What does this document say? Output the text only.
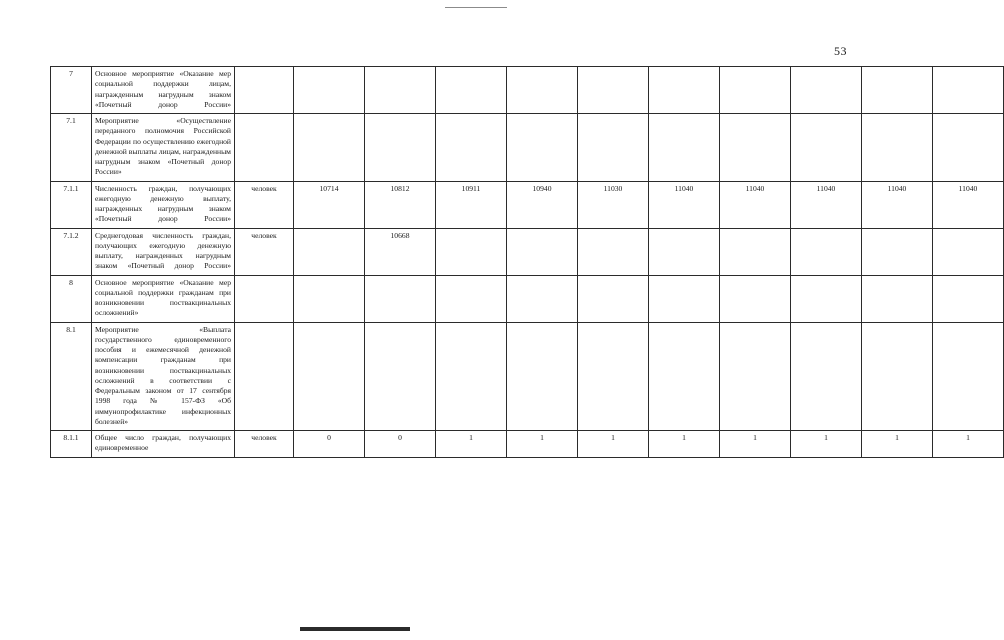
53
7	Основное мероприятие «Оказание мер социальной поддержки лицам, награжденным нагрудным знаком «Почетный донор России»											
7.1	Мероприятие «Осуществление переданного полномочия Российской Федерации по осуществлению ежегодной денежной выплаты лицам, награжденным нагрудным знаком «Почетный донор России»											
7.1.1	Численность граждан, получающих ежегодную денежную выплату, награжденных нагрудным знаком «Почетный донор России»	человек	10714	10812	10911	10940	11030	11040	11040	11040	11040	11040
7.1.2	Среднегодовая численность граждан, получающих ежегодную денежную выплату, награжденных нагрудным знаком «Почетный донор России»	человек		10668								
8	Основное мероприятие «Оказание мер социальной поддержки гражданам при возникновении поствакцинальных осложнений»											
8.1	Мероприятие «Выплата государственного единовременного пособия и ежемесячной денежной компенсации гражданам при возникновении поствакцинальных осложнений в соответствии с Федеральным законом от 17 сентября 1998 года № 157-ФЗ «Об иммунопрофилактике инфекционных болезней»											
8.1.1	Общее число граждан, получающих единовременное	человек	0	0	1	1	1	1	1	1	1	1
